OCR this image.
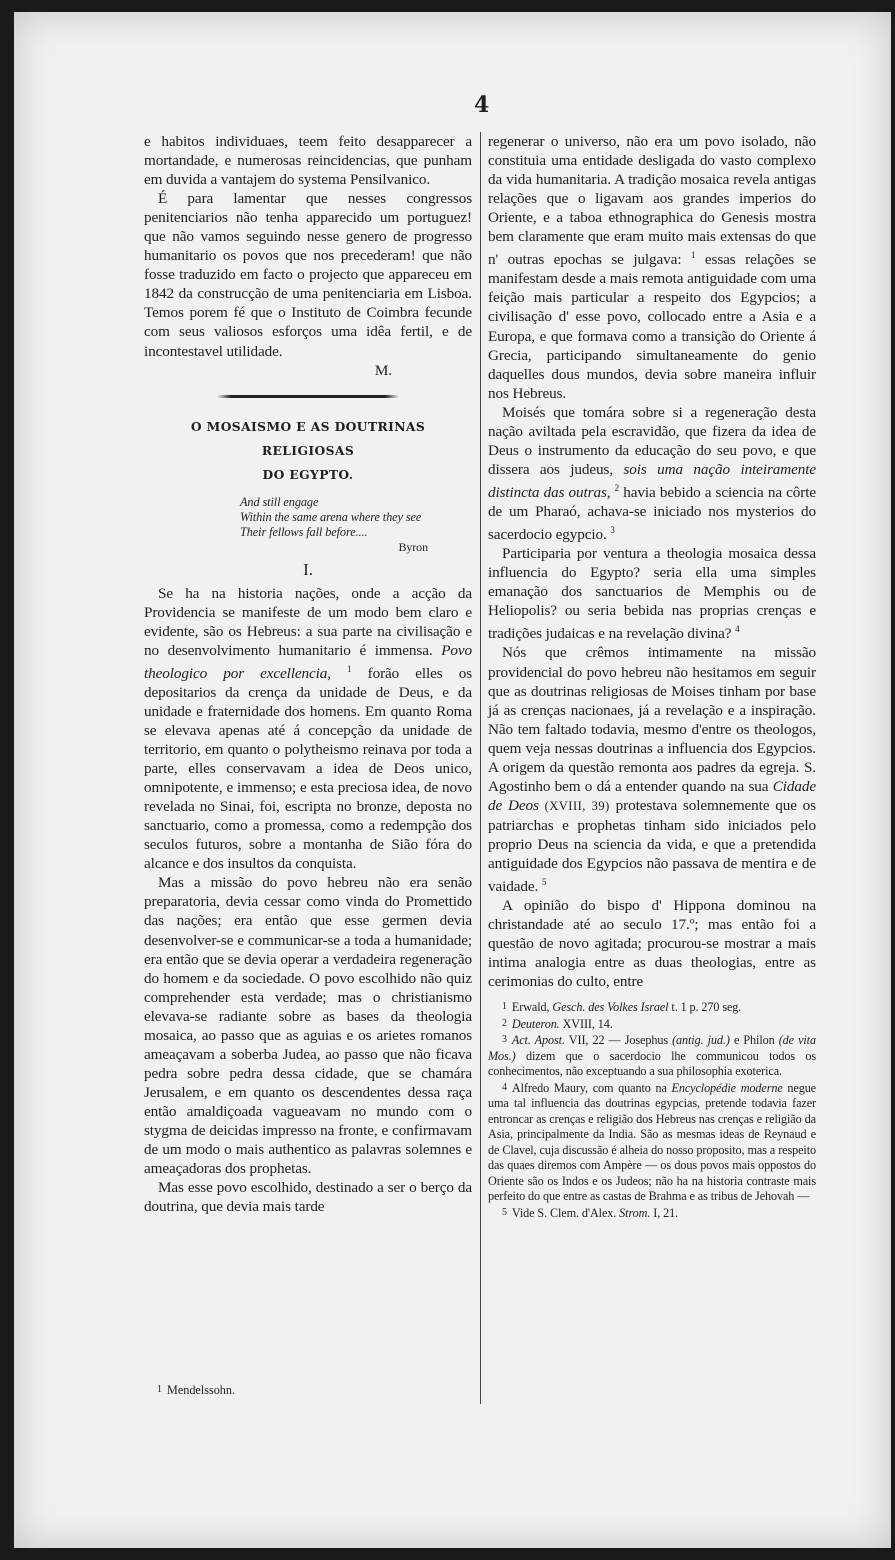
4

e habitos individuaes, teem feito desapparecer a mortandade, e numerosas reincidencias, que punham em duvida a vantajem do systema Pensilvanico.

É para lamentar que nesses congressos penitenciarios não tenha apparecido um portuguez! que não vamos seguindo nesse genero de progresso humanitario os povos que nos precederam! que não fosse traduzido em facto o projecto que appareceu em 1842 da construcção de uma penitenciaria em Lisboa. Temos porem fé que o Instituto de Coimbra fecunde com seus valiosos esforços uma idêa fertil, e de incontestavel utilidade.

M.

O MOSAISMO E AS DOUTRINAS RELIGIOSAS
DO EGYPTO.
And still engage
Within the same arena where they see
Their fellows fall before....
Byron
I.

Se ha na historia nações, onde a acção da Providencia se manifeste de um modo bem claro e evidente, são os Hebreus: a sua parte na civilisação e no desenvolvimento humanitario é immensa. Povo theologico por excellencia, $^1$ forão elles os depositarios da crença da unidade de Deus, e da unidade e fraternidade dos homens. Em quanto Roma se elevava apenas até á concepção da unidade de territorio, em quanto o polytheismo reinava por toda a parte, elles conservavam a idea de Deos unico, omnipotente, e immenso; e esta preciosa idea, de novo revelada no Sinai, foi, escripta no bronze, deposta no sanctuario, como a promessa, como a redempção dos seculos futuros, sobre a montanha de Sião fóra do alcance e dos insultos da conquista.

Mas a missão do povo hebreu não era senão preparatoria, devia cessar como vinda do Promettido das nações; era então que esse germen devia desenvolver-se e communicar-se a toda a humanidade; era então que se devia operar a verdadeira regeneração do homem e da sociedade. O povo escolhido não quiz comprehender esta verdade; mas o christianismo elevava-se radiante sobre as bases da theologia mosaica, ao passo que as aguias e os arietes romanos ameaçavam a soberba Judea, ao passo que não ficava pedra sobre pedra dessa cidade, que se chamára Jerusalem, e em quanto os descendentes dessa raça então amaldiçoada vagueavam no mundo com o stygma de deicidas impresso na fronte, e confirmavam de um modo o mais authentico as palavras solemnes e ameaçadoras dos prophetas.

Mas esse povo escolhido, destinado a ser o berço da doutrina, que devia mais tarde

1 Mendelssohn.

regenerar o universo, não era um povo isolado, não constituia uma entidade desligada do vasto complexo da vida humanitaria. A tradição mosaica revela antigas relações que o ligavam aos grandes imperios do Oriente, e a taboa ethnographica do Genesis mostra bem claramente que eram muito mais extensas do que n' outras epochas se julgava: $^1$ essas relações se manifestam desde a mais remota antiguidade com uma feição mais particular a respeito dos Egypcios; a civilisação d' esse povo, collocado entre a Asia e a Europa, e que formava como a transição do Oriente á Grecia, participando simultaneamente do genio daquelles dous mundos, devia sobre maneira influir nos Hebreus.

Moisés que tomára sobre si a regeneração desta nação aviltada pela escravidão, que fizera da idea de Deus o instrumento da educação do seu povo, e que dissera aos judeus, sois uma nação inteiramente distincta das outras, $^2$ havia bebido a sciencia na côrte de um Pharaó, achava-se iniciado nos mysterios do sacerdocio egypcio. $^3$

Participaria por ventura a theologia mosaica dessa influencia do Egypto? seria ella uma simples emanação dos sanctuarios de Memphis ou de Heliopolis? ou seria bebida nas proprias crenças e tradições judaicas e na revelação divina? $^4$

Nós que crêmos intimamente na missão providencial do povo hebreu não hesitamos em seguir que as doutrinas religiosas de Moises tinham por base já as crenças nacionaes, já a revelação e a inspiração. Não tem faltado todavia, mesmo d'entre os theologos, quem veja nessas doutrinas a influencia dos Egypcios. A origem da questão remonta aos padres da egreja. S. Agostinho bem o dá a entender quando na sua Cidade de Deos (XVIII, 39) protestava solemnemente que os patriarchas e prophetas tinham sido iniciados pelo proprio Deus na sciencia da vida, e que a pretendida antiguidade dos Egypcios não passava de mentira e de vaidade. $^5$

A opinião do bispo d' Hippona dominou na christandade até ao seculo 17.º; mas então foi a questão de novo agitada; procurou-se mostrar a mais intima analogia entre as duas theologias, entre as cerimonias do culto, entre

1 Erwald, Gesch. des Volkes Israel t. 1 p. 270 seg.
2 Deuteron. XVIII, 14.
3 Act. Apost. VII, 22 — Josephus (antig. jud.) e Philon (de vita Mos.) dizem que o sacerdocio lhe communicou todos os conhecimentos, não exceptuando a sua philosophia exoterica.
4 Alfredo Maury, com quanto na Encyclopédie moderne negue uma tal influencia das doutrinas egypcias, pretende todavia fazer entroncar as crenças e religião dos Hebreus nas crenças e religião da Asia, principalmente da India. São as mesmas ideas de Reynaud e de Clavel, cuja discussão é alheia do nosso proposito, mas a respeito das quaes diremos com Ampère — os dous povos mais oppostos do Oriente são os Indos e os Judeos; não ha na historia contraste mais perfeito do que entre as castas de Brahma e as tribus de Jehovah —
5 Vide S. Clem. d'Alex. Strom. I, 21.
